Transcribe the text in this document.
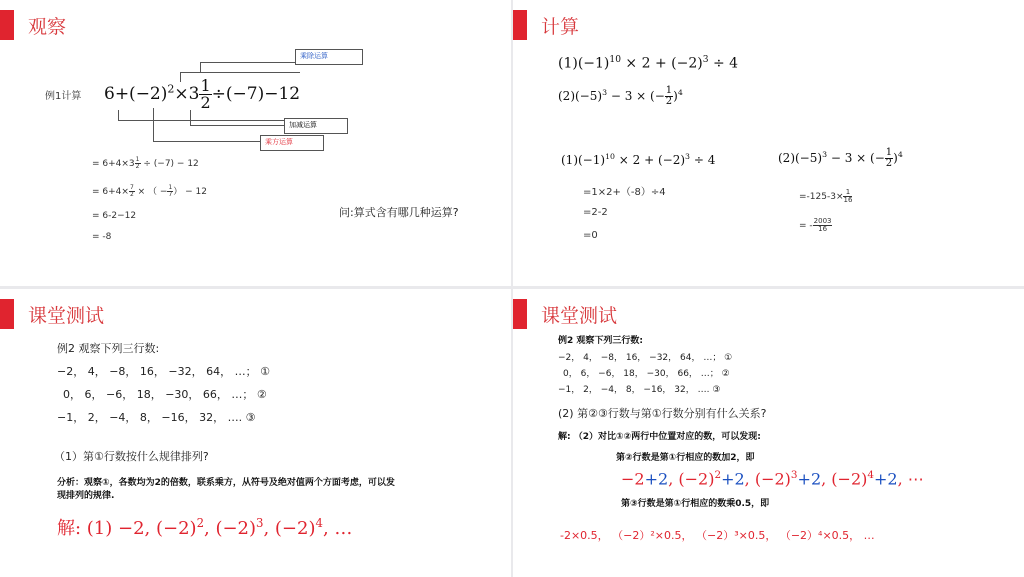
观察
例1计算
乘除运算
加减运算
乘方运算
$6+(-2)^2\times 3 \frac{1}{2} \div(-7)-12$
= $6+4\times 3 \frac{1}{2} \div (-7) - 12$
= $6+4\times \frac{7}{2}$ × （ − $\frac{1}{7}$ ） − 12
= 6-2−12
= -8
问:算式含有哪几种运算?
计算
$(1)(-1)^{10} \times 2 + (-2)^3 \div 4$
$(2)(-5)^3 - 3$ × (− $\frac{1}{2} )^4$
$(1)(-1)^{10} \times 2 + (-2)^3 \div 4$
=1×2+（-8）÷4
=2-2
=0
$(2)(-5)^3 - 3$ × (− $\frac{1}{2} )^4$
$=-125-3\times \frac{1}{16}$
= - $\frac{2003}{16}$
课堂测试
例2 观察下列三行数:
−2， 4， −8， 16， −32， 64， …； ①
0， 6， −6， 18， −30， 66， …； ②
−1， 2， −4， 8， −16， 32， …. ③
（1）第①行数按什么规律排列?
分析：观察①，各数均为2的倍数，联系乘方，从符号及绝对值两个方面考虑，可以发
现排列的规律.
解: (1) −2, $(-2)^2$, $(-2)^3$, $(-2)^4$, …
课堂测试
例2 观察下列三行数:
−2， 4， −8， 16， −32， 64， …； ①
0， 6， −6， 18， −30， 66， …； ②
−1， 2， −4， 8， −16， 32， …. ③
(2) 第②③行数与第①行数分别有什么关系?
解: （2）对比①②两行中位置对应的数，可以发现:
第②行数是第①行相应的数加2，即
−2+2, $(-2)^2+2$, $(-2)^3+2$, $(-2)^4+2$, ⋯
第③行数是第①行相应的数乘0.5，即
-2×0.5， （−2）²×0.5， （−2）³×0.5， （−2）⁴×0.5， …
